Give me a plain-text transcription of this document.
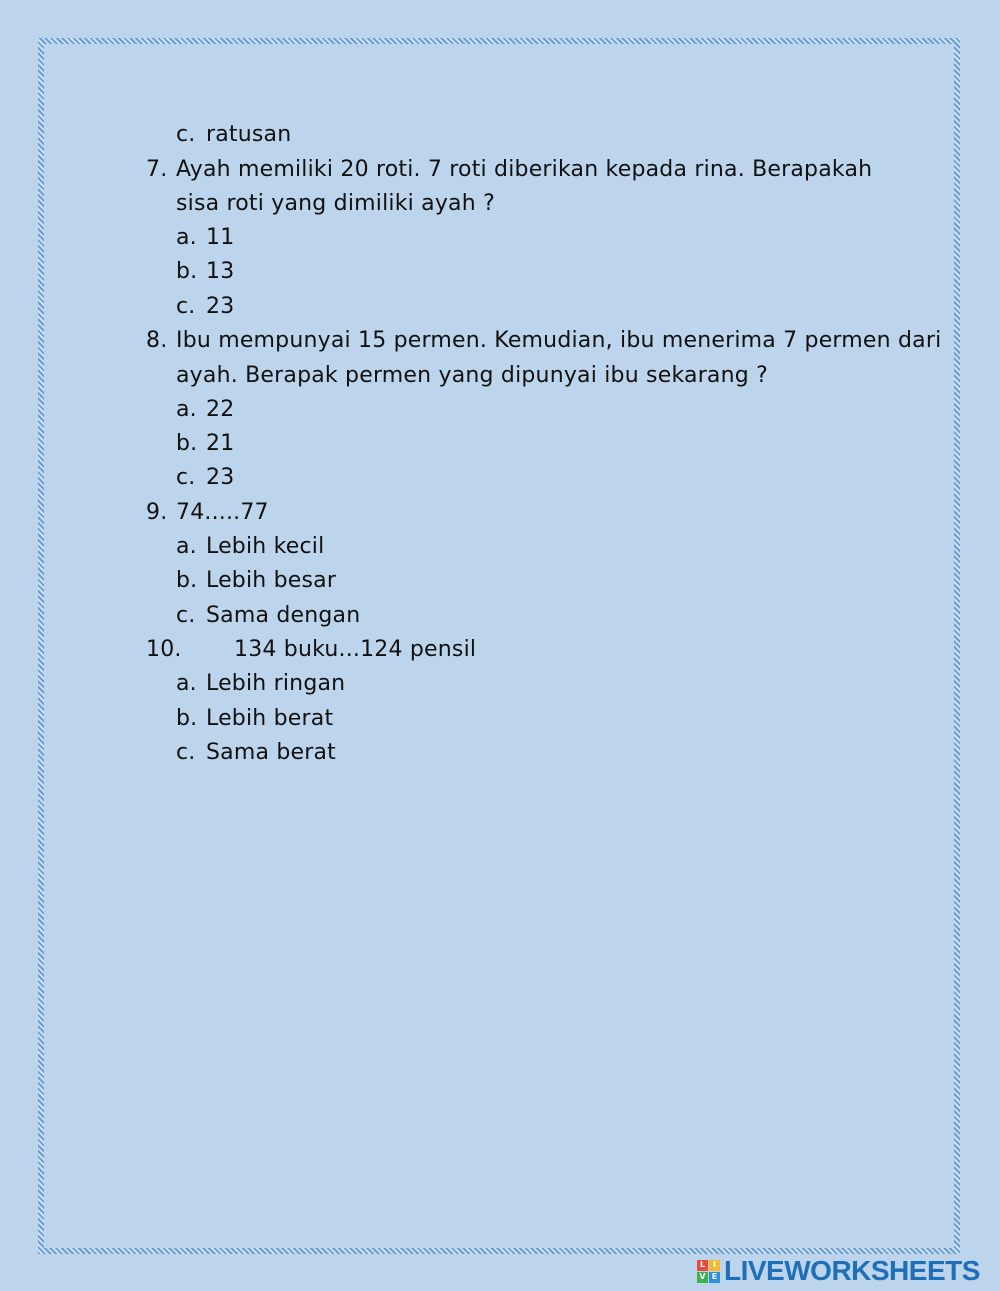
c. ratusan
7. Ayah memiliki 20 roti. 7 roti diberikan kepada rina. Berapakah
sisa roti yang dimiliki ayah ?
a. 11
b. 13
c. 23
8. Ibu mempunyai 15 permen. Kemudian, ibu menerima 7 permen dari
ayah. Berapak permen yang dipunyai ibu sekarang ?
a. 22
b. 21
c. 23
9. 74.....77
a. Lebih kecil
b. Lebih besar
c. Sama dengan
10. 134 buku...124 pensil
a. Lebih ringan
b. Lebih berat
c. Sama berat
L I
V E LIVEWORKSHEETS
